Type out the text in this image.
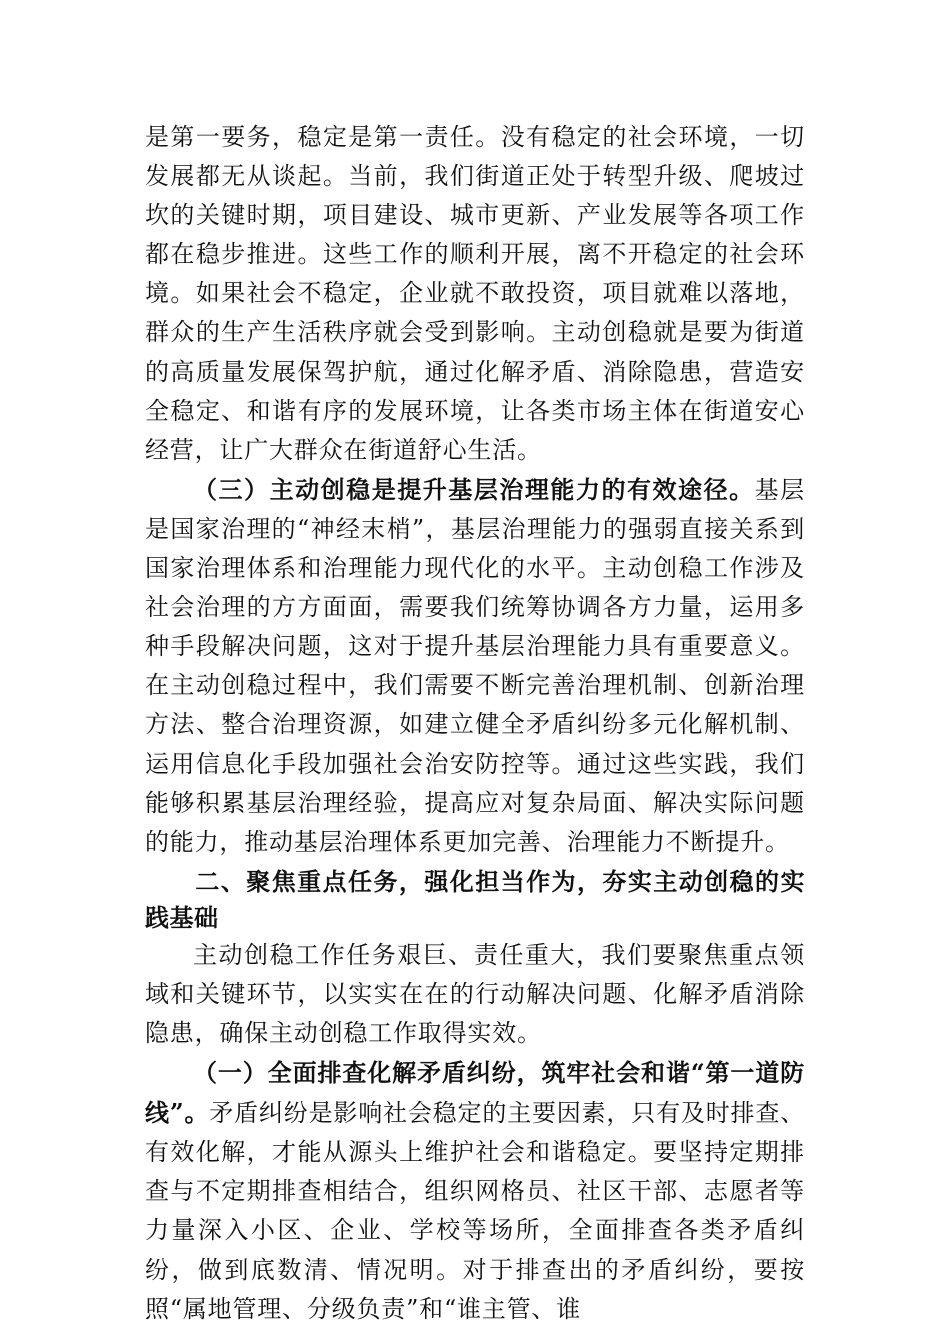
是第一要务，稳定是第一责任。没有稳定的社会环境，一切发展都无从谈起。当前，我们街道正处于转型升级、爬坡过坎的关键时期，项目建设、城市更新、产业发展等各项工作都在稳步推进。这些工作的顺利开展，离不开稳定的社会环境。如果社会不稳定，企业就不敢投资，项目就难以落地，群众的生产生活秩序就会受到影响。主动创稳就是要为街道的高质量发展保驾护航，通过化解矛盾、消除隐患，营造安全稳定、和谐有序的发展环境，让各类市场主体在街道安心经营，让广大群众在街道舒心生活。

（三）主动创稳是提升基层治理能力的有效途径。基层是国家治理的“神经末梢”，基层治理能力的强弱直接关系到国家治理体系和治理能力现代化的水平。主动创稳工作涉及社会治理的方方面面，需要我们统筹协调各方力量，运用多种手段解决问题，这对于提升基层治理能力具有重要意义。在主动创稳过程中，我们需要不断完善治理机制、创新治理方法、整合治理资源，如建立健全矛盾纠纷多元化解机制、运用信息化手段加强社会治安防控等。通过这些实践，我们能够积累基层治理经验，提高应对复杂局面、解决实际问题的能力，推动基层治理体系更加完善、治理能力不断提升。

二、聚焦重点任务，强化担当作为，夯实主动创稳的实践基础

主动创稳工作任务艰巨、责任重大，我们要聚焦重点领域和关键环节，以实实在在的行动解决问题、化解矛盾消除隐患，确保主动创稳工作取得实效。

（一）全面排查化解矛盾纠纷，筑牢社会和谐“第一道防线”。矛盾纠纷是影响社会稳定的主要因素，只有及时排查、有效化解，才能从源头上维护社会和谐稳定。要坚持定期排查与不定期排查相结合，组织网格员、社区干部、志愿者等力量深入小区、企业、学校等场所，全面排查各类矛盾纠纷，做到底数清、情况明。对于排查出的矛盾纠纷，要按照“属地管理、分级负责”和“谁主管、谁
